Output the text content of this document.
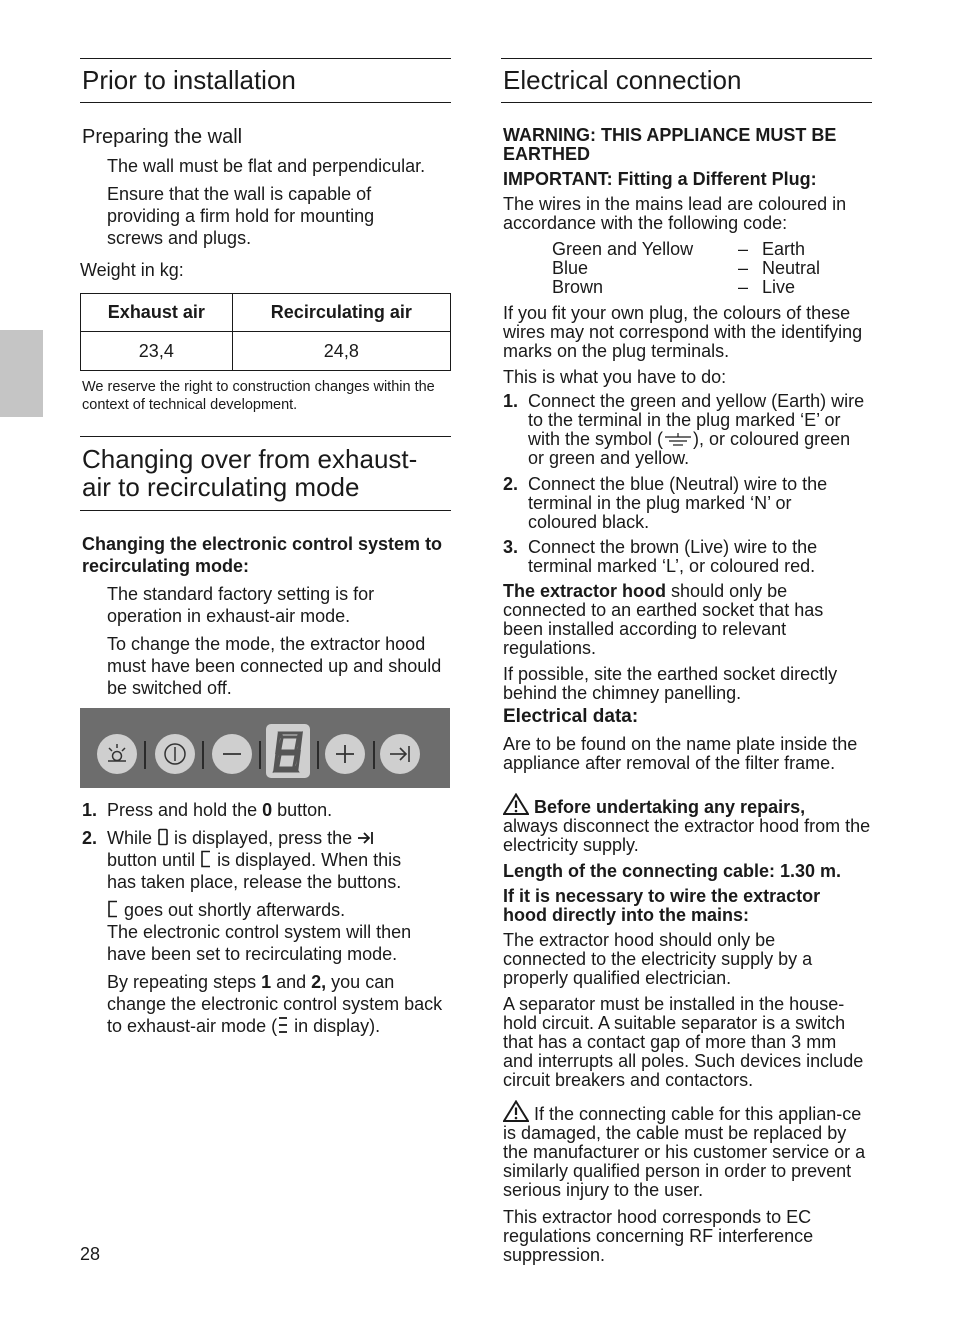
Prior to installation
Preparing the wall
The wall must be flat and perpendicular.
Ensure that the wall is capable of providing a firm hold for mounting screws and plugs.
Weight in kg:
Exhaust air	Recirculating air
23,4	24,8
We reserve the right to construction changes within the context of technical development.
Changing over from exhaust-
air to recirculating mode
Changing the electronic control system to recirculating mode:
The standard factory setting is for operation in exhaust-air mode.
To change the mode, the extractor hood must have been connected up and should be switched off.
1. Press and hold the 0 button.
2. While  is displayed, press the
button until  is displayed. When this
has taken place, release the buttons.
goes out shortly afterwards.
The electronic control system will then have been set to recirculating mode.
By repeating steps 1 and 2, you can change the electronic control system back to exhaust-air mode ( in display).
28
Electrical connection
WARNING: THIS APPLIANCE MUST BE EARTHED
IMPORTANT: Fitting a Different Plug:
The wires in the mains lead are coloured in accordance with the following code:
Green and Yellow – Earth
Blue	– Neutral
Brown	– Live
If you fit your own plug, the colours of these wires may not correspond with the identifying marks on the plug terminals.
This is what you have to do:
1. Connect the green and yellow (Earth) wire to the terminal in the plug marked ‘E’ or with the symbol ( ), or coloured green or green and yellow.
2. Connect the blue (Neutral) wire to the terminal in the plug marked ‘N’ or coloured black.
3. Connect the brown (Live) wire to the terminal marked ‘L’, or coloured red.
The extractor hood should only be connected to an earthed socket that has been installed according to relevant regulations.
If possible, site the earthed socket directly behind the chimney panelling.
Electrical data:
Are to be found on the name plate inside the appliance after removal of the filter frame.
Before undertaking any repairs,
always disconnect the extractor hood from the electricity supply.
Length of the connecting cable: 1.30 m.
If it is necessary to wire the extractor hood directly into the mains:
The extractor hood should only be connected to the electricity supply by a properly qualified electrician.
A separator must be installed in the house-hold circuit. A suitable separator is a switch that has a contact gap of more than 3 mm and interrupts all poles. Such devices include circuit breakers and contactors.
If the connecting cable for this applian-ce is damaged, the cable must be replaced by the manufacturer or his customer service or a similarly qualified person in order to prevent serious injury to the user.
This extractor hood corresponds to EC regulations concerning RF interference suppression.
